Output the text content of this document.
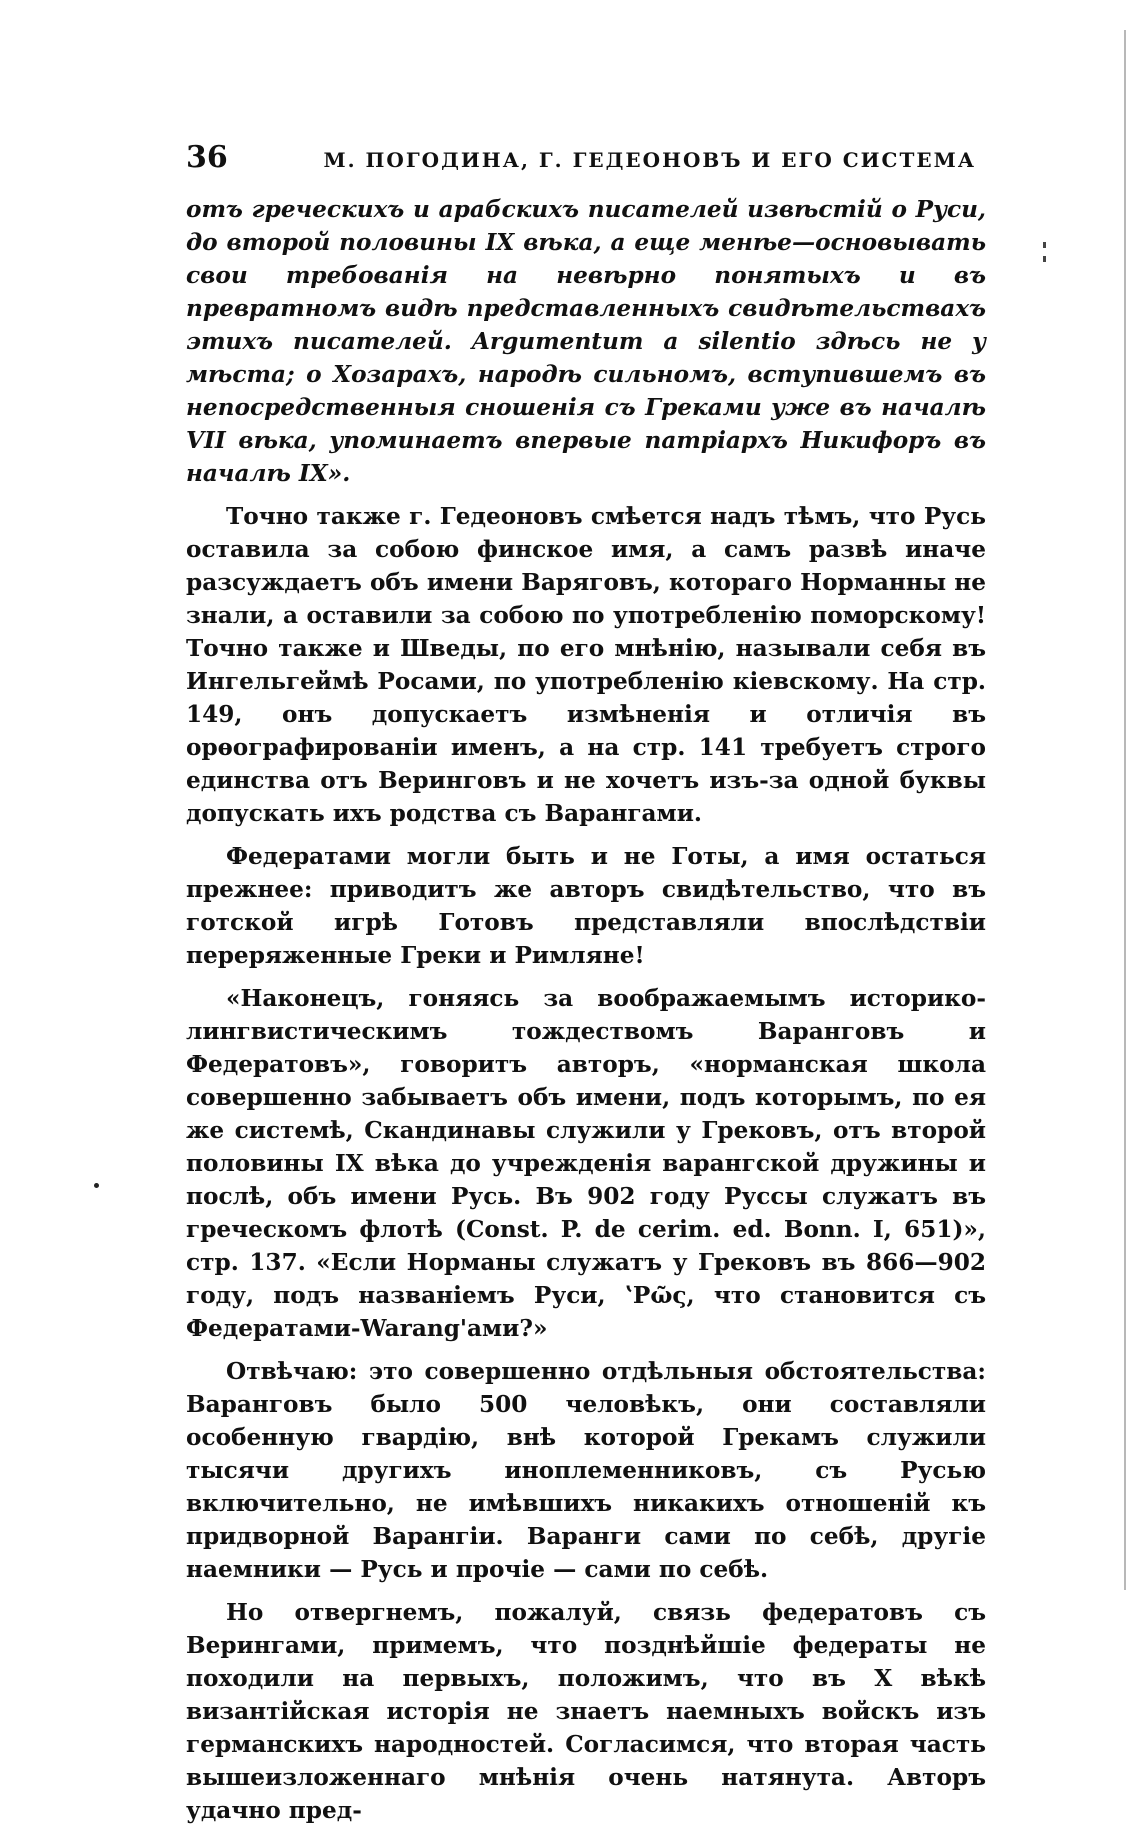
36	М. ПОГОДИНА, Г. ГЕДЕОНОВЪ И ЕГО СИСТЕМА

отъ греческихъ и арабскихъ писателей извѣстій о Руси, до второй половины IX вѣка, а еще менѣе—основывать свои требованія на невѣрно понятыхъ и въ превратномъ видѣ представленныхъ свидѣтельствахъ этихъ писателей. Argumentum a silentio здѣсь не у мѣста; о Хозарахъ, народѣ сильномъ, вступившемъ въ непосредственныя сношенія съ Греками уже въ началѣ VII вѣка, упоминаетъ впервые патріархъ Никифоръ въ началѣ IX».

Точно также г. Гедеоновъ смѣется надъ тѣмъ, что Русь оставила за собою финское имя, а самъ развѣ иначе разсуждаетъ объ имени Варяговъ, котораго Норманны не знали, а оставили за собою по употребленію поморскому! Точно также и Шведы, по его мнѣнію, называли себя въ Ингельгеймѣ Росами, по употребленію кіевскому. На стр. 149, онъ допускаетъ измѣненія и отличія въ орѳографированіи именъ, а на стр. 141 требуетъ строго единства отъ Веринговъ и не хочетъ изъ-за одной буквы допускать ихъ родства съ Варангами.

Федератами могли быть и не Готы, а имя остаться прежнее: приводитъ же авторъ свидѣтельство, что въ готской игрѣ Готовъ представляли впослѣдствіи переряженные Греки и Римляне!

«Наконецъ, гоняясь за воображаемымъ историко-лингвистическимъ тождествомъ Варанговъ и Федератовъ», говоритъ авторъ, «норманская школа совершенно забываетъ объ имени, подъ которымъ, по ея же системѣ, Скандинавы служили у Грековъ, отъ второй половины IX вѣка до учрежденія варангской дружины и послѣ, объ имени Русь. Въ 902 году Руссы служатъ въ греческомъ флотѣ (Const. P. de cerim. ed. Bonn. I, 651)», стр. 137. «Если Норманы служатъ у Грековъ въ 866—902 году, подъ названіемъ Руси, ʽΡῶς, что становится съ Федератами-Warang'ами?»

Отвѣчаю: это совершенно отдѣльныя обстоятельства: Варанговъ было 500 человѣкъ, они составляли особенную гвардію, внѣ которой Грекамъ служили тысячи другихъ иноплеменниковъ, съ Русью включительно, не имѣвшихъ никакихъ отношеній къ придворной Варангіи. Варанги сами по себѣ, другіе наемники — Русь и прочіе — сами по себѣ.

Но отвергнемъ, пожалуй, связь федератовъ съ Верингами, примемъ, что позднѣйшіе федераты не походили на первыхъ, положимъ, что въ X вѣкѣ византійская исторія не знаетъ наемныхъ войскъ изъ германскихъ народностей. Согласимся, что вторая часть вышеизложеннаго мнѣнія очень натянута. Авторъ удачно пред-
